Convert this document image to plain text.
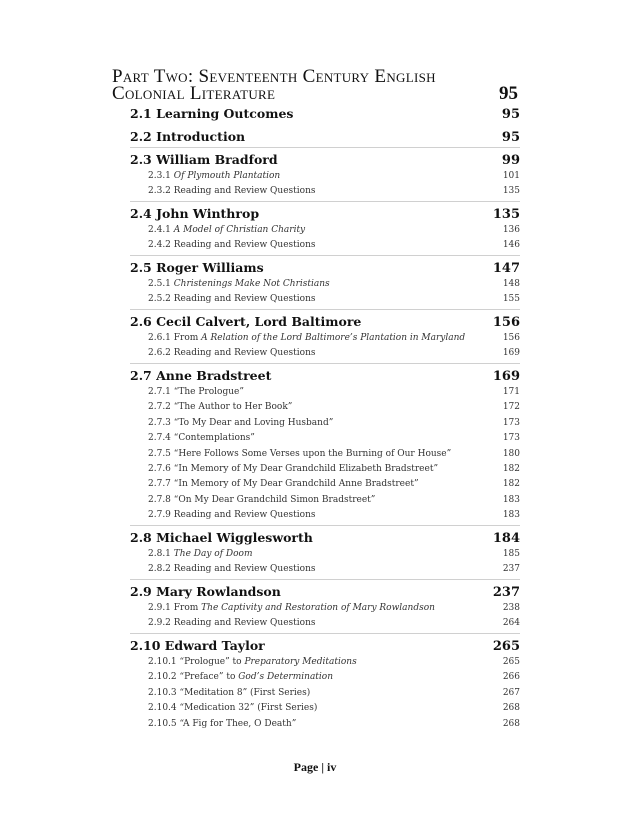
Part Two: Seventeenth Century English
Colonial Literature	95
2.1 Learning Outcomes	95
2.2 Introduction	95
2.3 William Bradford	99
2.3.1 Of Plymouth Plantation	101
2.3.2 Reading and Review Questions	135
2.4 John Winthrop	135
2.4.1 A Model of Christian Charity	136
2.4.2 Reading and Review Questions	146
2.5 Roger Williams	147
2.5.1 Christenings Make Not Christians	148
2.5.2 Reading and Review Questions	155
2.6 Cecil Calvert, Lord Baltimore	156
2.6.1 From A Relation of the Lord Baltimore’s Plantation in Maryland	156
2.6.2 Reading and Review Questions	169
2.7 Anne Bradstreet	169
2.7.1 “The Prologue”	171
2.7.2 “The Author to Her Book”	172
2.7.3 “To My Dear and Loving Husband”	173
2.7.4 “Contemplations”	173
2.7.5 “Here Follows Some Verses upon the Burning of Our House”	180
2.7.6 “In Memory of My Dear Grandchild Elizabeth Bradstreet”	182
2.7.7 “In Memory of My Dear Grandchild Anne Bradstreet”	182
2.7.8 “On My Dear Grandchild Simon Bradstreet”	183
2.7.9 Reading and Review Questions	183
2.8 Michael Wigglesworth	184
2.8.1 The Day of Doom	185
2.8.2 Reading and Review Questions	237
2.9 Mary Rowlandson	237
2.9.1 From The Captivity and Restoration of Mary Rowlandson	238
2.9.2 Reading and Review Questions	264
2.10 Edward Taylor	265
2.10.1 “Prologue” to Preparatory Meditations	265
2.10.2 “Preface” to God’s Determination	266
2.10.3 “Meditation 8” (First Series)	267
2.10.4 “Medication 32” (First Series)	268
2.10.5 “A Fig for Thee, O Death”	268
Page | iv
